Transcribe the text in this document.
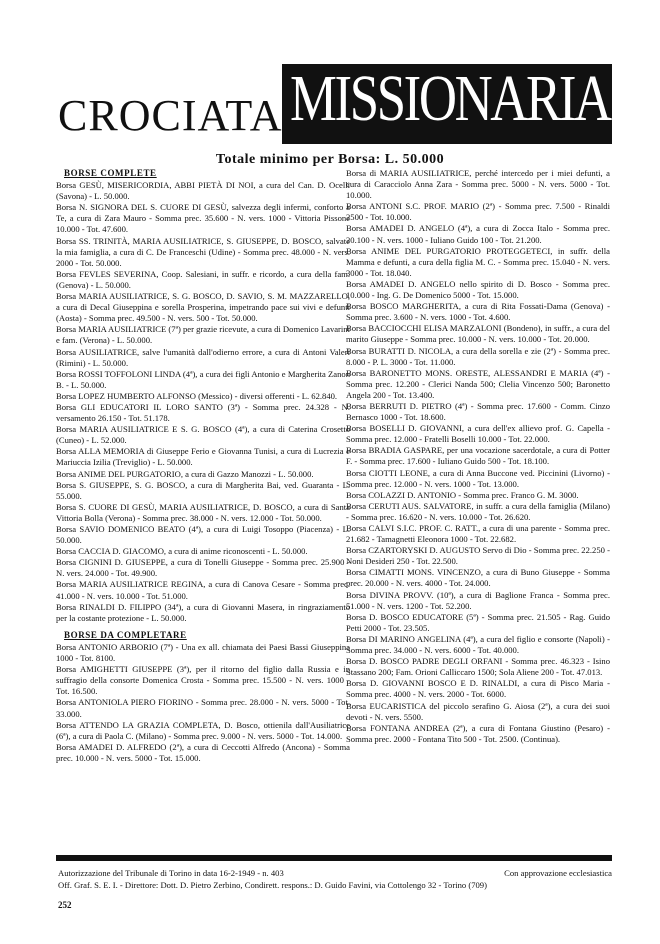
CROCIATA MISSIONARIA
Totale minimo per Borsa: L. 50.000
BORSE COMPLETE
Borsa GESÙ, MISERICORDIA, ABBI PIETÀ DI NOI, a cura del Can. D. Ocelli (Savona) - L. 50.000.
Borsa N. SIGNORA DEL S. CUORE DI GESÙ, salvezza degli infermi, conforto a Te, a cura di Zara Mauro - Somma prec. 35.600 - N. vers. 1000 - Vittoria Pissone 10.000 - Tot. 47.600.
Borsa SS. TRINITÀ, MARIA AUSILIATRICE, S. GIUSEPPE, D. BOSCO, salvate la mia famiglia, a cura di C. De Franceschi (Udine) - Somma prec. 48.000 - N. vers. 2000 - Tot. 50.000.
Borsa FEVLES SEVERINA, Coop. Salesiani, in suffr. e ricordo, a cura della fam. (Genova) - L. 50.000.
Borsa MARIA AUSILIATRICE, S. G. BOSCO, D. SAVIO, S. M. MAZZARELLO, a cura di Decal Giuseppina e sorella Prosperina, impetrando pace sui vivi e defunti (Aosta) - Somma prec. 49.500 - N. vers. 500 - Tot. 50.000.
Borsa MARIA AUSILIATRICE (7ª) per grazie ricevute, a cura di Domenico Lavarini e fam. (Verona) - L. 50.000.
Borsa AUSILIATRICE, salve l'umanità dall'odierno errore, a cura di Antoni Valeri (Rimini) - L. 50.000.
Borsa ROSSI TOFFOLONI LINDA (4ª), a cura dei figli Antonio e Margherita Zanon B. - L. 50.000.
Borsa LOPEZ HUMBERTO ALFONSO (Messico) - diversi offerenti - L. 62.840.
Borsa GLI EDUCATORI IL LORO SANTO (3ª) - Somma prec. 24.328 - N. versamento 26.150 - Tot. 51.178.
Borsa MARIA AUSILIATRICE E S. G. BOSCO (4ª), a cura di Caterina Crosetto (Cuneo) - L. 52.000.
Borsa ALLA MEMORIA di Giuseppe Ferio e Giovanna Tunisi, a cura di Lucrezia e Mariuccia Izilia (Treviglio) - L. 50.000.
Borsa ANIME DEL PURGATORIO, a cura di Gazzo Manozzi - L. 50.000.
Borsa S. GIUSEPPE, S. G. BOSCO, a cura di Margherita Bai, ved. Guaranta - L. 55.000.
Borsa S. CUORE DI GESÙ, MARIA AUSILIATRICE, D. BOSCO, a cura di Santa Vittoria Bolla (Verona) - Somma prec. 38.000 - N. vers. 12.000 - Tot. 50.000.
Borsa SAVIO DOMENICO BEATO (4ª), a cura di Luigi Tosoppo (Piacenza) - L. 50.000.
Borsa CACCIA D. GIACOMO, a cura di anime riconoscenti - L. 50.000.
Borsa CIGNINI D. GIUSEPPE, a cura di Tonelli Giuseppe - Somma prec. 25.900 - N. vers. 24.000 - Tot. 49.900.
Borsa MARIA AUSILIATRICE REGINA, a cura di Canova Cesare - Somma prec. 41.000 - N. vers. 10.000 - Tot. 51.000.
Borsa RINALDI D. FILIPPO (34ª), a cura di Giovanni Masera, in ringraziamento per la costante protezione - L. 50.000.
BORSE DA COMPLETARE
Borsa ANTONIO ARBORIO (7ª) - Una ex all. chiamata dei Paesi Bassi Giuseppina 1000 - Tot. 8100.
Borsa AMIGHETTI GIUSEPPE (3ª), per il ritorno del figlio dalla Russia e in suffragio della consorte Domenica Crosta - Somma prec. 15.500 - N. vers. 1000 - Tot. 16.500.
Borsa ANTONIOLA PIERO FIORINO - Somma prec. 28.000 - N. vers. 5000 - Tot. 33.000.
Borsa ATTENDO LA GRAZIA COMPLETA, D. Bosco, ottienila dall'Ausiliatrice (6ª), a cura di Paola C. (Milano) - Somma prec. 9.000 - N. vers. 5000 - Tot. 14.000.
Borsa AMADEI D. ALFREDO (2ª), a cura di Ceccotti Alfredo (Ancona) - Somma prec. 10.000 - N. vers. 5000 - Tot. 15.000.
Borsa di MARIA AUSILIATRICE, perché intercedo per i miei defunti, a cura di Caracciolo Anna Zara - Somma prec. 5000 - N. vers. 5000 - Tot. 10.000.
Borsa ANTONI S.C. PROF. MARIO (2ª) - Somma prec. 7.500 - Rinaldi 2500 - Tot. 10.000.
Borsa AMADEI D. ANGELO (4ª), a cura di Zocca Italo - Somma prec. 20.100 - N. vers. 1000 - Iuliano Guido 100 - Tot. 21.200.
Borsa ANIME DEL PURGATORIO PROTEGGETECI, in suffr. della Mamma e defunti, a cura della figlia M. C. - Somma prec. 15.040 - N. vers. 3000 - Tot. 18.040.
Borsa AMADEI D. ANGELO nello spirito di D. Bosco - Somma prec. 10.000 - Ing. G. De Domenico 5000 - Tot. 15.000.
Borsa BOSCO MARGHERITA, a cura di Rita Fossati-Dama (Genova) - Somma prec. 3.600 - N. vers. 1000 - Tot. 4.600.
Borsa BACCIOCCHI ELISA MARZALONI (Bondeno), in suffr., a cura del marito Giuseppe - Somma prec. 10.000 - N. vers. 10.000 - Tot. 20.000.
Borsa BURATTI D. NICOLA, a cura della sorella e zie (2ª) - Somma prec. 8.000 - P. L. 3000 - Tot. 11.000.
Borsa BARONETTO MONS. ORESTE, ALESSANDRI E MARIA (4ª) - Somma prec. 12.200 - Clerici Nanda 500; Clelia Vincenzo 500; Baronetto Angela 200 - Tot. 13.400.
Borsa BERRUTI D. PIETRO (4ª) - Somma prec. 17.600 - Comm. Cinzo Bernasco 1000 - Tot. 18.600.
Borsa BOSELLI D. GIOVANNI, a cura dell'ex allievo prof. G. Capella - Somma prec. 12.000 - Fratelli Boselli 10.000 - Tot. 22.000.
Borsa BRADIA GASPARE, per una vocazione sacerdotale, a cura di Potter F. - Somma prec. 17.600 - Iuliano Guido 500 - Tot. 18.100.
Borsa CIOTTI LEONE, a cura di Anna Buccone ved. Piccinini (Livorno) - Somma prec. 12.000 - N. vers. 1000 - Tot. 13.000.
Borsa COLAZZI D. ANTONIO - Somma prec. Franco G. M. 3000.
Borsa CERUTI AUS. SALVATORE, in suffr. a cura della famiglia (Milano) - Somma prec. 16.620 - N. vers. 10.000 - Tot. 26.620.
Borsa CALVI S.I.C. PROF. C. RATT., a cura di una parente - Somma prec. 21.682 - Tamagnetti Eleonora 1000 - Tot. 22.682.
Borsa CZARTORYSKI D. AUGUSTO Servo di Dio - Somma prec. 22.250 - Noni Desideri 250 - Tot. 22.500.
Borsa CIMATTI MONS. VINCENZO, a cura di Buno Giuseppe - Somma prec. 20.000 - N. vers. 4000 - Tot. 24.000.
Borsa DIVINA PROVV. (10ª), a cura di Baglione Franca - Somma prec. 51.000 - N. vers. 1200 - Tot. 52.200.
Borsa D. BOSCO EDUCATORE (5ª) - Somma prec. 21.505 - Rag. Guido Petti 2000 - Tot. 23.505.
Borsa DI MARINO ANGELINA (4ª), a cura del figlio e consorte (Napoli) - Somma prec. 34.000 - N. vers. 6000 - Tot. 40.000.
Borsa D. BOSCO PADRE DEGLI ORFANI - Somma prec. 46.323 - Isino Stassano 200; Fam. Orioni Calliccaro 1500; Sola Aliene 200 - Tot. 47.013.
Borsa D. GIOVANNI BOSCO E D. RINALDI, a cura di Pisco Maria - Somma prec. 4000 - N. vers. 2000 - Tot. 6000.
Borsa EUCARISTICA del piccolo serafino G. Aiosa (2ª), a cura dei suoi devoti - N. vers. 5500.
Borsa FONTANA ANDREA (2ª), a cura di Fontana Giustino (Pesaro) - Somma prec. 2000 - Fontana Tito 500 - Tot. 2500. (Continua).
Autorizzazione del Tribunale di Torino in data 16-2-1949 - n. 403	Con approvazione ecclesiastica
Off. Graf. S. E. I. - Direttore: Dott. D. Pietro Zerbino, Condirett. respons.: D. Guido Favini, via Cottolengo 32 - Torino (709)
252
